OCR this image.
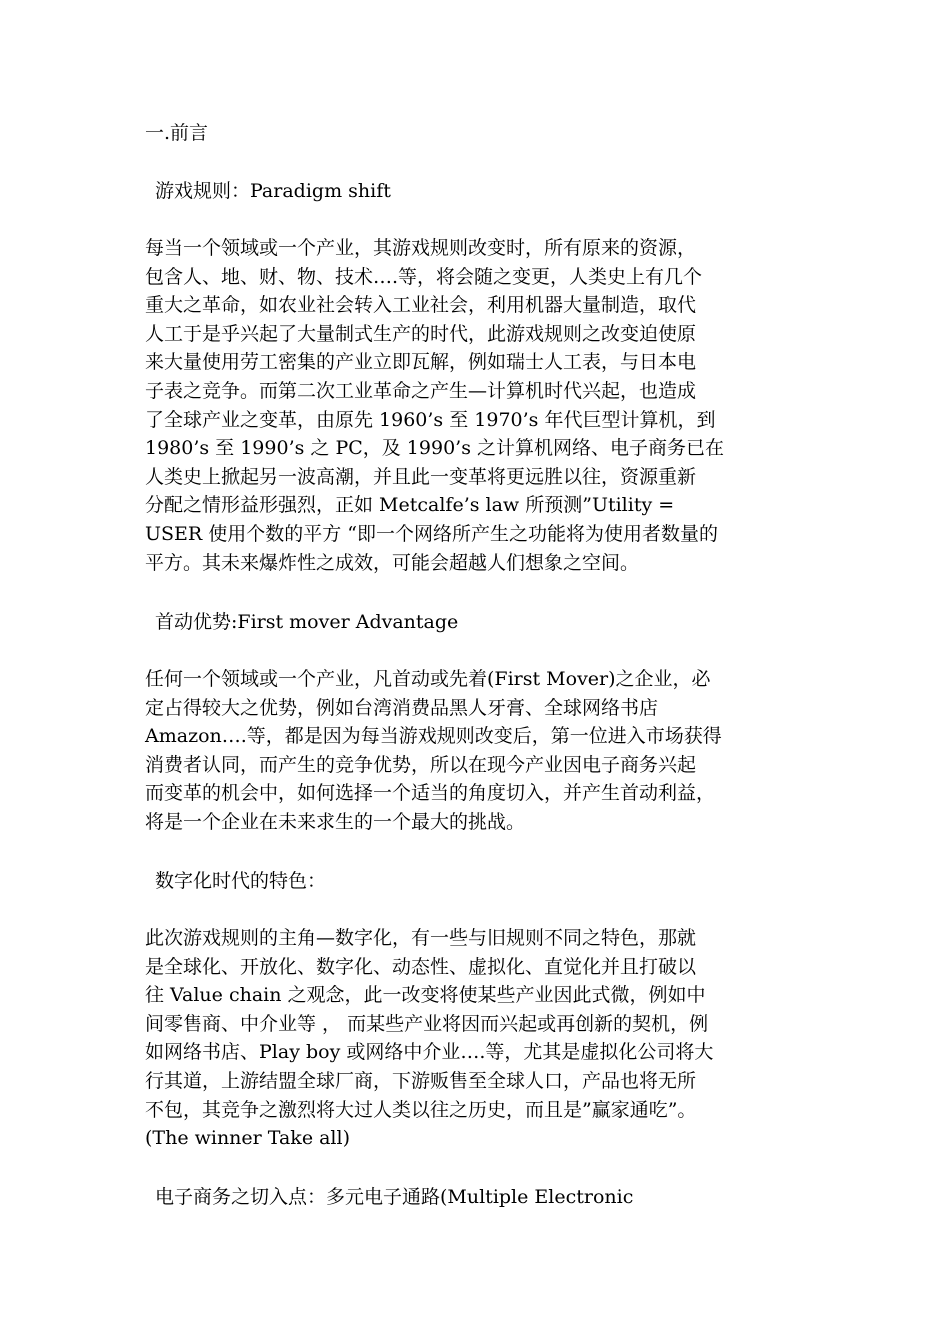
一.前言
游戏规则：Paradigm shift
每当一个领域或一个产业，其游戏规则改变时，所有原来的资源，
包含人、地、财、物、技术….等，将会随之变更，人类史上有几个
重大之革命，如农业社会转入工业社会，利用机器大量制造，取代
人工于是乎兴起了大量制式生产的时代，此游戏规则之改变迫使原
来大量使用劳工密集的产业立即瓦解，例如瑞士人工表，与日本电
子表之竞争。而第二次工业革命之产生—计算机时代兴起，也造成
了全球产业之变革，由原先 1960’s 至 1970’s 年代巨型计算机，到
1980’s 至 1990’s 之 PC，及 1990’s 之计算机网络、电子商务已在
人类史上掀起另一波高潮，并且此一变革将更远胜以往，资源重新
分配之情形益形强烈，正如 Metcalfe’s law 所预测”Utility =
USER 使用个数的平方 “即一个网络所产生之功能将为使用者数量的
平方。其未来爆炸性之成效，可能会超越人们想象之空间。
首动优势:First mover Advantage
任何一个领域或一个产业，凡首动或先着(First Mover)之企业，必
定占得较大之优势，例如台湾消费品黑人牙膏、全球网络书店
Amazon….等，都是因为每当游戏规则改变后，第一位进入市场获得
消费者认同，而产生的竞争优势，所以在现今产业因电子商务兴起
而变革的机会中，如何选择一个适当的角度切入，并产生首动利益，
将是一个企业在未来求生的一个最大的挑战。
数字化时代的特色：
此次游戏规则的主角—数字化，有一些与旧规则不同之特色，那就
是全球化、开放化、数字化、动态性、虚拟化、直觉化并且打破以
往 Value chain 之观念，此一改变将使某些产业因此式微，例如中
间零售商、中介业等 ， 而某些产业将因而兴起或再创新的契机，例
如网络书店、Play boy 或网络中介业….等，尤其是虚拟化公司将大
行其道，上游结盟全球厂商，下游贩售至全球人口，产品也将无所
不包，其竞争之激烈将大过人类以往之历史，而且是”赢家通吃”。
(The winner Take all)
电子商务之切入点：多元电子通路(Multiple Electronic
